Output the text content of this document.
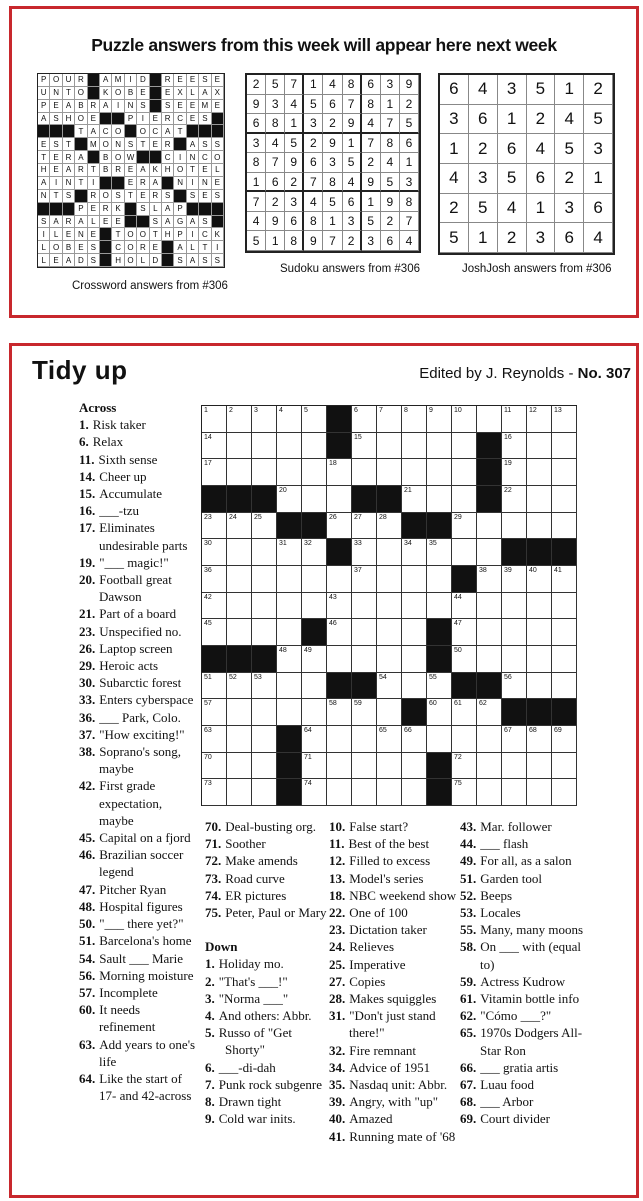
Puzzle answers from this week will appear here next week
P O U R	A M I	D	R E E S E
U N T O	K O B E	E X L A X
P E A B R A	I	N S	S E E M E
A S H O E	P	I	E R C E S
T A C O	O C A T
E S T	M O N S T E R	A S S
T E R A	B O W	C	I	N C O
H E A R T B R E A K H O T E L
A	I	N T	I	E R A	N	I	N E
N T S	R O S T E R S	S E S
P E R K	S L A P
S A R A L E E	S A G A S
I	L E N E	T O O T H P	I	C K
L O B E S	C O R E	A L T	I
L E A D S	H O L D	S A S S
2	5 7	1	4 8	6	3	9
9	3 4	5	6 7	8	1	2
6	8 1	3	2 9	4	7	5
3	4 5	2	9 1	7	8	6
8	7 9	6	3 5	2	4	1
1	6 2	7	8 4	9	5	3
7	2 3	4	5 6	1	9	8
4	9 6	8	1 3	5	2	7
5	1 8	9	7 2	3	6	4
6	4	3	5	1	2
3	6	1	2	4	5
1	2	6	4	5	3
4	3	5	6	2	1
2	5	4	1	3	6
5	1	2	3	6	4
Crossword answers from #306
Sudoku answers from #306	JoshJosh answers from #306
Tidy up	Edited by J. Reynolds - No. 307
1	2	3	4	5	6	7	8	9	10	11	12 13
14	15	16
17	18	19
20	21	22
23 24 25	26 27 28	29
30	31 32	33	34 35
36	37	38 39 40 41
42	43	44
45	46	47
48 49	50
51 52 53	54	55	56
57	58 59	60 61 62
63	64	65 66	67 68 69
70	71	72
73	74	75
Across
1. Risk taker
6. Relax
11. Sixth sense
14. Cheer up
15. Accumulate
16. ___-tzu
17. Eliminates undesirable parts
19. "___ magic!"
20. Football great Dawson
21. Part of a board
23. Unspecified no.
26. Laptop screen
29. Heroic acts
30. Subarctic forest
33. Enters cyberspace
36. ___ Park, Colo.
37. "How exciting!"
38. Soprano's song, maybe
42. First grade expectation, maybe
45. Capital on a fjord
46. Brazilian soccer legend
47. Pitcher Ryan
48. Hospital figures
50. "___ there yet?"
51. Barcelona's home
54. Sault ___ Marie
56. Morning moisture
57. Incomplete
60. It needs refinement
63. Add years to one's life
64. Like the start of 17- and 42-across
70. Deal-busting org.
71. Soother
72. Make amends
73. Road curve
74. ER pictures
75. Peter, Paul or Mary
Down
1. Holiday mo.
2. "That's ___!"
3. "Norma ___"
4. And others: Abbr.
5. Russo of "Get Shorty"
6. ___-di-dah
7. Punk rock subgenre
8. Drawn tight
9. Cold war inits.
10. False start?
11. Best of the best
12. Filled to excess
13. Model's series
18. NBC weekend show
22. One of 100
23. Dictation taker
24. Relieves
25. Imperative
27. Copies
28. Makes squiggles
31. "Don't just stand there!"
32. Fire remnant
34. Advice of 1951
35. Nasdaq unit: Abbr.
39. Angry, with "up"
40. Amazed
41. Running mate of '68
43. Mar. follower
44. ___ flash
49. For all, as a salon
51. Garden tool
52. Beeps
53. Locales
55. Many, many moons
58. On ___ with (equal to)
59. Actress Kudrow
61. Vitamin bottle info
62. "Cómo ___?"
65. 1970s Dodgers All-Star Ron
66. ___ gratia artis
67. Luau food
68. ___ Arbor
69. Court divider
